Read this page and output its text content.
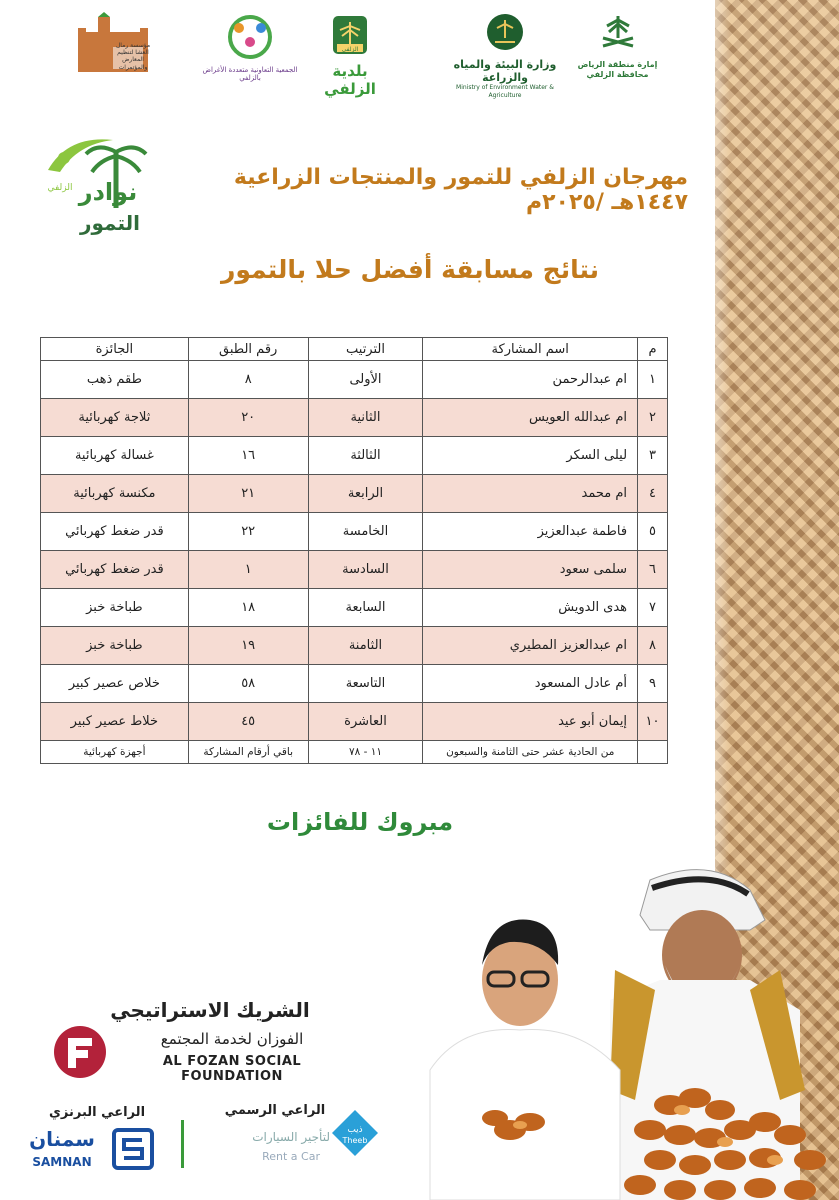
مؤسسة رمال العشا لتنظيم المعارض والمؤتمرات	الجمعية التعاونية متعددة الأغراض بالزلفي
الزلفي
بلدية الزلفي
وزارة البيئة والمياه والزراعة
Ministry of Environment Water & Agriculture
إمارة منطقة الرياض محافظة الزلفي
نوادر
التمور
الزلفي	مهرجان الزلفي للتمور والمنتجات الزراعية ١٤٤٧هـ /٢٠٢٥م
نتائج مسابقة أفضل حلا بالتمور
م	اسم المشاركة	الترتيب	رقم الطبق	الجائزة
١	ام عبدالرحمن	الأولى	٨	طقم ذهب
٢	ام عبدالله العويس	الثانية	٢٠	ثلاجة كهربائية
٣	ليلى السكر	الثالثة	١٦	غسالة كهربائية
٤	ام محمد	الرابعة	٢١	مكنسة كهربائية
٥	فاطمة عبدالعزيز	الخامسة	٢٢	قدر ضغط كهربائي
٦	سلمى سعود	السادسة	١	قدر ضغط كهربائي
٧	هدى الدويش	السابعة	١٨	طباخة خبز
٨	ام عبدالعزيز المطيري	الثامنة	١٩	طباخة خبز
٩	أم عادل المسعود	التاسعة	٥٨	خلاص عصير كبير
١٠	إيمان أبو عيد	العاشرة	٤٥	خلاط عصير كبير
	من الحادية عشر حتى الثامنة والسبعون	١١ - ٧٨	باقي أرقام المشاركة	أجهزة كهربائية
مبروك للفائزات
الشريك الاستراتيجي
الفوزان لخدمة المجتمع
AL FOZAN SOCIAL FOUNDATION
الراعي البرنزي
سمنان
SAMNAN
الراعي الرسمي
ذيب
Theeb
لتأجير السيارات
Rent a Car
